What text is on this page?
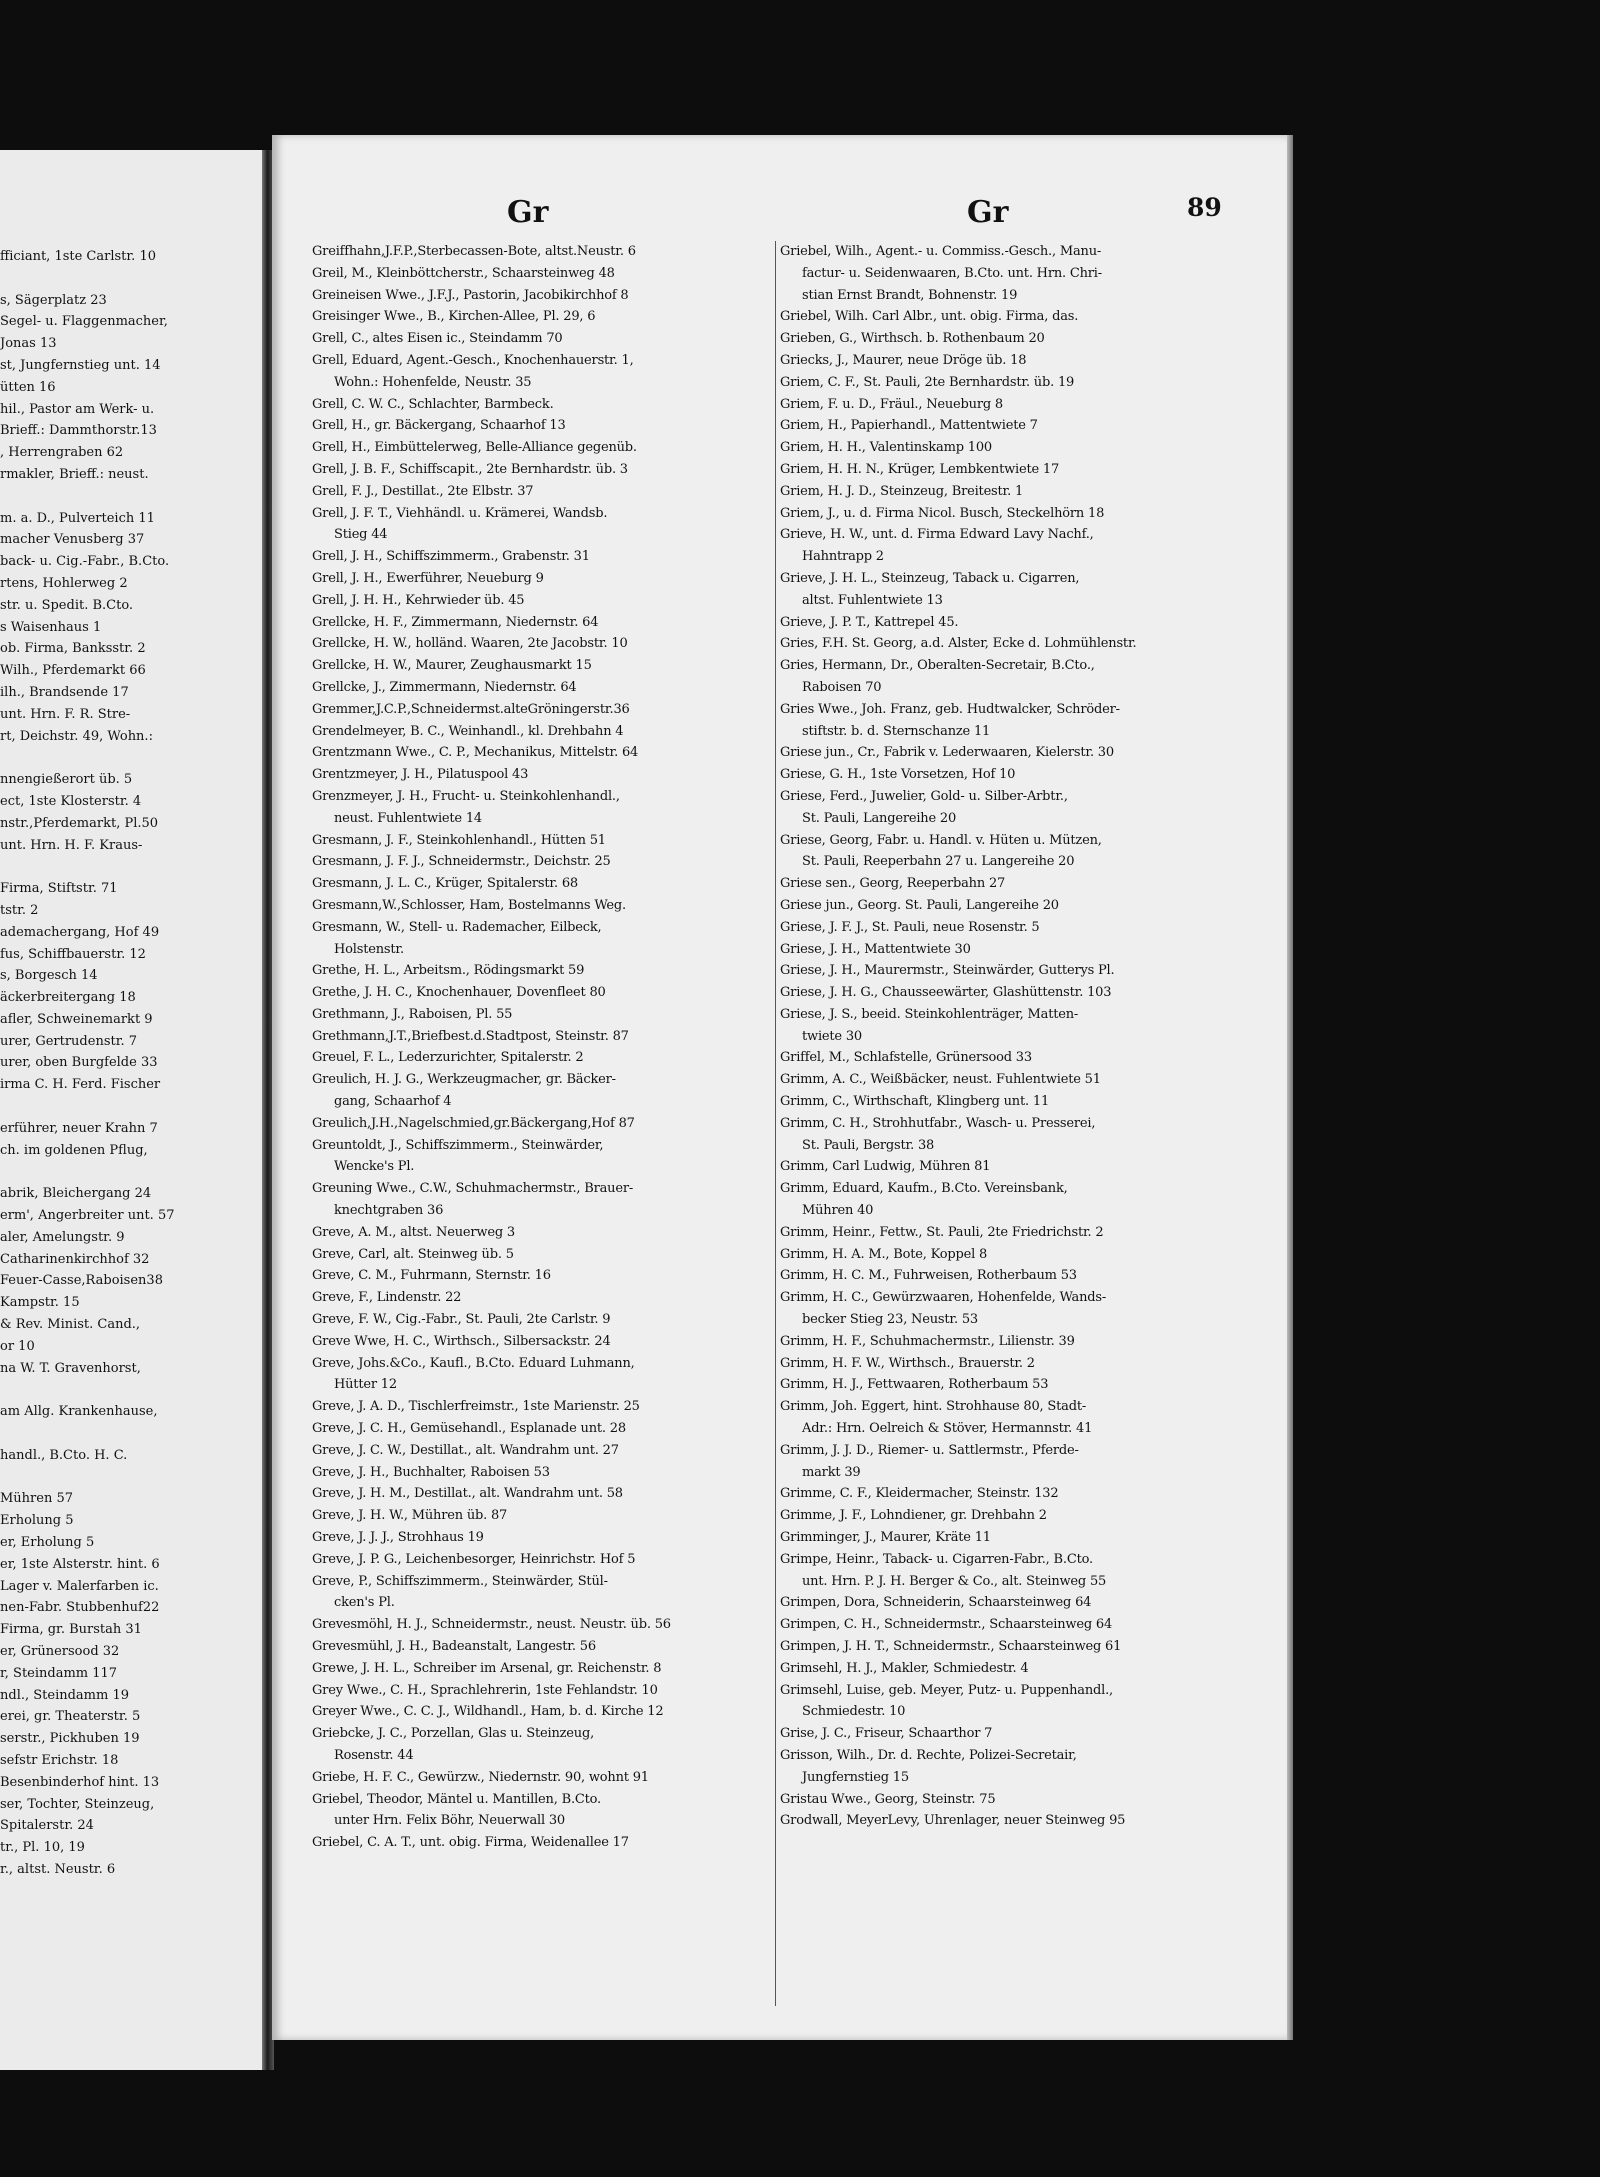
fficiant, 1ste Carlstr. 10

s, Sägerplatz 23
Segel- u. Flaggenmacher,
Jonas 13
st, Jungfernstieg unt. 14
ütten 16
hil., Pastor am Werk- u.
Brieff.: Dammthorstr.13
, Herrengraben 62
rmakler, Brieff.: neust.

m. a. D., Pulverteich 11
macher Venusberg 37
back- u. Cig.-Fabr., B.Cto.
rtens, Hohlerweg 2
str. u. Spedit. B.Cto.
s Waisenhaus 1
ob. Firma, Banksstr. 2
Wilh., Pferdemarkt 66
ilh., Brandsende 17
unt. Hrn. F. R. Stre-
rt, Deichstr. 49, Wohn.:

nnengießerort üb. 5
ect, 1ste Klosterstr. 4
nstr.,Pferdemarkt, Pl.50
unt. Hrn. H. F. Kraus-

Firma, Stiftstr. 71
tstr. 2
ademachergang, Hof 49
fus, Schiffbauerstr. 12
s, Borgesch 14
äckerbreitergang 18
afler, Schweinemarkt 9
urer, Gertrudenstr. 7
urer, oben Burgfelde 33
irma C. H. Ferd. Fischer

erführer, neuer Krahn 7
ch. im goldenen Pflug,

abrik, Bleichergang 24
erm', Angerbreiter unt. 57
aler, Amelungstr. 9
Catharinenkirchhof 32
Feuer-Casse,Raboisen38
Kampstr. 15
& Rev. Minist. Cand.,
or 10
na W. T. Gravenhorst,

am Allg. Krankenhause,

handl., B.Cto. H. C.

Mühren 57
Erholung 5
er, Erholung 5
er, 1ste Alsterstr. hint. 6
Lager v. Malerfarben ic.
nen-Fabr. Stubbenhuf22
Firma, gr. Burstah 31
er, Grünersood 32
r, Steindamm 117
ndl., Steindamm 19
erei, gr. Theaterstr. 5
serstr., Pickhuben 19
sefstr Erichstr. 18
Besenbinderhof hint. 13
ser, Tochter, Steinzeug,
Spitalerstr. 24
tr., Pl. 10, 19
r., altst. Neustr. 6
Gr	Gr	89
Greiffhahn,J.F.P.,Sterbecassen-Bote, altst.Neustr. 6
Greil, M., Kleinböttcherstr., Schaarsteinweg 48
Greineisen Wwe., J.F.J., Pastorin, Jacobikirchhof 8
Greisinger Wwe., B., Kirchen-Allee, Pl. 29, 6
Grell, C., altes Eisen ic., Steindamm 70
Grell, Eduard, Agent.-Gesch., Knochenhauerstr. 1,
Wohn.: Hohenfelde, Neustr. 35
Grell, C. W. C., Schlachter, Barmbeck.
Grell, H., gr. Bäckergang, Schaarhof 13
Grell, H., Eimbüttelerweg, Belle-Alliance gegenüb.
Grell, J. B. F., Schiffscapit., 2te Bernhardstr. üb. 3
Grell, F. J., Destillat., 2te Elbstr. 37
Grell, J. F. T., Viehhändl. u. Krämerei, Wandsb.
Stieg 44
Grell, J. H., Schiffszimmerm., Grabenstr. 31
Grell, J. H., Ewerführer, Neueburg 9
Grell, J. H. H., Kehrwieder üb. 45
Grellcke, H. F., Zimmermann, Niedernstr. 64
Grellcke, H. W., holländ. Waaren, 2te Jacobstr. 10
Grellcke, H. W., Maurer, Zeughausmarkt 15
Grellcke, J., Zimmermann, Niedernstr. 64
Gremmer,J.C.P.,Schneidermst.alteGröningerstr.36
Grendelmeyer, B. C., Weinhandl., kl. Drehbahn 4
Grentzmann Wwe., C. P., Mechanikus, Mittelstr. 64
Grentzmeyer, J. H., Pilatuspool 43
Grenzmeyer, J. H., Frucht- u. Steinkohlenhandl.,
neust. Fuhlentwiete 14
Gresmann, J. F., Steinkohlenhandl., Hütten 51
Gresmann, J. F. J., Schneidermstr., Deichstr. 25
Gresmann, J. L. C., Krüger, Spitalerstr. 68
Gresmann,W.,Schlosser, Ham, Bostelmanns Weg.
Gresmann, W., Stell- u. Rademacher, Eilbeck,
Holstenstr.
Grethe, H. L., Arbeitsm., Rödingsmarkt 59
Grethe, J. H. C., Knochenhauer, Dovenfleet 80
Grethmann, J., Raboisen, Pl. 55
Grethmann,J.T.,Briefbest.d.Stadtpost, Steinstr. 87
Greuel, F. L., Lederzurichter, Spitalerstr. 2
Greulich, H. J. G., Werkzeugmacher, gr. Bäcker-
gang, Schaarhof 4
Greulich,J.H.,Nagelschmied,gr.Bäckergang,Hof 87
Greuntoldt, J., Schiffszimmerm., Steinwärder,
Wencke's Pl.
Greuning Wwe., C.W., Schuhmachermstr., Brauer-
knechtgraben 36
Greve, A. M., altst. Neuerweg 3
Greve, Carl, alt. Steinweg üb. 5
Greve, C. M., Fuhrmann, Sternstr. 16
Greve, F., Lindenstr. 22
Greve, F. W., Cig.-Fabr., St. Pauli, 2te Carlstr. 9
Greve Wwe, H. C., Wirthsch., Silbersackstr. 24
Greve, Johs.&Co., Kaufl., B.Cto. Eduard Luhmann,
Hütter 12
Greve, J. A. D., Tischlerfreimstr., 1ste Marienstr. 25
Greve, J. C. H., Gemüsehandl., Esplanade unt. 28
Greve, J. C. W., Destillat., alt. Wandrahm unt. 27
Greve, J. H., Buchhalter, Raboisen 53
Greve, J. H. M., Destillat., alt. Wandrahm unt. 58
Greve, J. H. W., Mühren üb. 87
Greve, J. J. J., Strohhaus 19
Greve, J. P. G., Leichenbesorger, Heinrichstr. Hof 5
Greve, P., Schiffszimmerm., Steinwärder, Stül-
cken's Pl.
Grevesmöhl, H. J., Schneidermstr., neust. Neustr. üb. 56
Grevesmühl, J. H., Badeanstalt, Langestr. 56
Grewe, J. H. L., Schreiber im Arsenal, gr. Reichenstr. 8
Grey Wwe., C. H., Sprachlehrerin, 1ste Fehlandstr. 10
Greyer Wwe., C. C. J., Wildhandl., Ham, b. d. Kirche 12
Griebcke, J. C., Porzellan, Glas u. Steinzeug,
Rosenstr. 44
Griebe, H. F. C., Gewürzw., Niedernstr. 90, wohnt 91
Griebel, Theodor, Mäntel u. Mantillen, B.Cto.
unter Hrn. Felix Böhr, Neuerwall 30
Griebel, C. A. T., unt. obig. Firma, Weidenallee 17
Griebel, Wilh., Agent.- u. Commiss.-Gesch., Manu-
factur- u. Seidenwaaren, B.Cto. unt. Hrn. Chri-
stian Ernst Brandt, Bohnenstr. 19
Griebel, Wilh. Carl Albr., unt. obig. Firma, das.
Grieben, G., Wirthsch. b. Rothenbaum 20
Griecks, J., Maurer, neue Dröge üb. 18
Griem, C. F., St. Pauli, 2te Bernhardstr. üb. 19
Griem, F. u. D., Fräul., Neueburg 8
Griem, H., Papierhandl., Mattentwiete 7
Griem, H. H., Valentinskamp 100
Griem, H. H. N., Krüger, Lembkentwiete 17
Griem, H. J. D., Steinzeug, Breitestr. 1
Griem, J., u. d. Firma Nicol. Busch, Steckelhörn 18
Grieve, H. W., unt. d. Firma Edward Lavy Nachf.,
Hahntrapp 2
Grieve, J. H. L., Steinzeug, Taback u. Cigarren,
altst. Fuhlentwiete 13
Grieve, J. P. T., Kattrepel 45.
Gries, F.H. St. Georg, a.d. Alster, Ecke d. Lohmühlenstr.
Gries, Hermann, Dr., Oberalten-Secretair, B.Cto.,
Raboisen 70
Gries Wwe., Joh. Franz, geb. Hudtwalcker, Schröder-
stiftstr. b. d. Sternschanze 11
Griese jun., Cr., Fabrik v. Lederwaaren, Kielerstr. 30
Griese, G. H., 1ste Vorsetzen, Hof 10
Griese, Ferd., Juwelier, Gold- u. Silber-Arbtr.,
St. Pauli, Langereihe 20
Griese, Georg, Fabr. u. Handl. v. Hüten u. Mützen,
St. Pauli, Reeperbahn 27 u. Langereihe 20
Griese sen., Georg, Reeperbahn 27
Griese jun., Georg. St. Pauli, Langereihe 20
Griese, J. F. J., St. Pauli, neue Rosenstr. 5
Griese, J. H., Mattentwiete 30
Griese, J. H., Maurermstr., Steinwärder, Gutterys Pl.
Griese, J. H. G., Chausseewärter, Glashüttenstr. 103
Griese, J. S., beeid. Steinkohlenträger, Matten-
twiete 30
Griffel, M., Schlafstelle, Grünersood 33
Grimm, A. C., Weißbäcker, neust. Fuhlentwiete 51
Grimm, C., Wirthschaft, Klingberg unt. 11
Grimm, C. H., Strohhutfabr., Wasch- u. Presserei,
St. Pauli, Bergstr. 38
Grimm, Carl Ludwig, Mühren 81
Grimm, Eduard, Kaufm., B.Cto. Vereinsbank,
Mühren 40
Grimm, Heinr., Fettw., St. Pauli, 2te Friedrichstr. 2
Grimm, H. A. M., Bote, Koppel 8
Grimm, H. C. M., Fuhrweisen, Rotherbaum 53
Grimm, H. C., Gewürzwaaren, Hohenfelde, Wands-
becker Stieg 23, Neustr. 53
Grimm, H. F., Schuhmachermstr., Lilienstr. 39
Grimm, H. F. W., Wirthsch., Brauerstr. 2
Grimm, H. J., Fettwaaren, Rotherbaum 53
Grimm, Joh. Eggert, hint. Strohhause 80, Stadt-
Adr.: Hrn. Oelreich & Stöver, Hermannstr. 41
Grimm, J. J. D., Riemer- u. Sattlermstr., Pferde-
markt 39
Grimme, C. F., Kleidermacher, Steinstr. 132
Grimme, J. F., Lohndiener, gr. Drehbahn 2
Grimminger, J., Maurer, Kräte 11
Grimpe, Heinr., Taback- u. Cigarren-Fabr., B.Cto.
unt. Hrn. P. J. H. Berger & Co., alt. Steinweg 55
Grimpen, Dora, Schneiderin, Schaarsteinweg 64
Grimpen, C. H., Schneidermstr., Schaarsteinweg 64
Grimpen, J. H. T., Schneidermstr., Schaarsteinweg 61
Grimsehl, H. J., Makler, Schmiedestr. 4
Grimsehl, Luise, geb. Meyer, Putz- u. Puppenhandl.,
Schmiedestr. 10
Grise, J. C., Friseur, Schaarthor 7
Grisson, Wilh., Dr. d. Rechte, Polizei-Secretair,
Jungfernstieg 15
Gristau Wwe., Georg, Steinstr. 75
Grodwall, MeyerLevy, Uhrenlager, neuer Steinweg 95
